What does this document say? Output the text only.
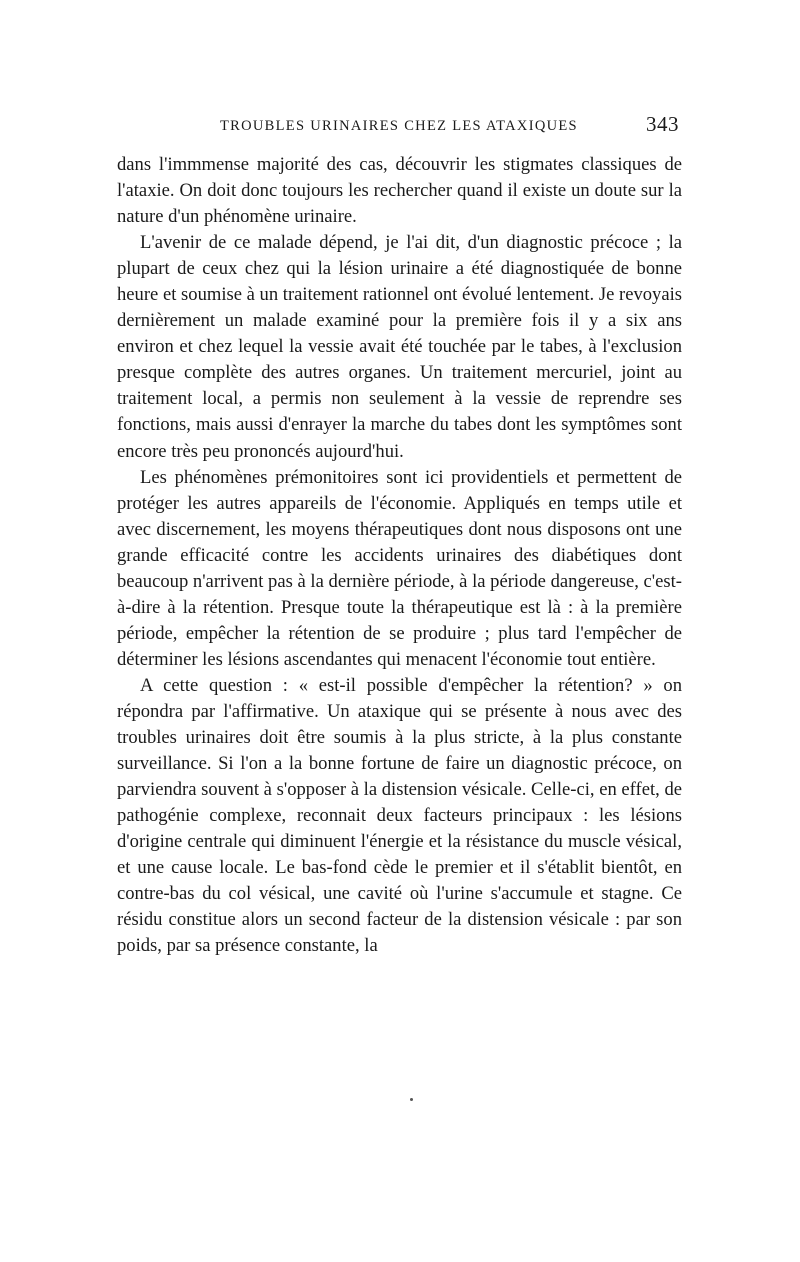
TROUBLES URINAIRES CHEZ LES ATAXIQUES	343

dans l'immmense majorité des cas, découvrir les stigmates classiques de l'ataxie. On doit donc toujours les rechercher quand il existe un doute sur la nature d'un phénomène urinaire.

L'avenir de ce malade dépend, je l'ai dit, d'un diagnostic précoce ; la plupart de ceux chez qui la lésion urinaire a été diagnostiquée de bonne heure et soumise à un traitement rationnel ont évolué lentement. Je revoyais dernièrement un malade examiné pour la première fois il y a six ans environ et chez lequel la vessie avait été touchée par le tabes, à l'exclusion presque complète des autres organes. Un traitement mercuriel, joint au traitement local, a permis non seulement à la vessie de reprendre ses fonctions, mais aussi d'enrayer la marche du tabes dont les symptômes sont encore très peu prononcés aujourd'hui.

Les phénomènes prémonitoires sont ici providentiels et permettent de protéger les autres appareils de l'économie. Appliqués en temps utile et avec discernement, les moyens thérapeutiques dont nous disposons ont une grande efficacité contre les accidents urinaires des diabétiques dont beaucoup n'arrivent pas à la dernière période, à la période dangereuse, c'est-à-dire à la rétention. Presque toute la thérapeutique est là : à la première période, empêcher la rétention de se produire ; plus tard l'empêcher de déterminer les lésions ascendantes qui menacent l'économie tout entière.

A cette question : « est-il possible d'empêcher la rétention? » on répondra par l'affirmative. Un ataxique qui se présente à nous avec des troubles urinaires doit être soumis à la plus stricte, à la plus constante surveillance. Si l'on a la bonne fortune de faire un diagnostic précoce, on parviendra souvent à s'opposer à la distension vésicale. Celle-ci, en effet, de pathogénie complexe, reconnait deux facteurs principaux : les lésions d'origine centrale qui diminuent l'énergie et la résistance du muscle vésical, et une cause locale. Le bas-fond cède le premier et il s'établit bientôt, en contre-bas du col vésical, une cavité où l'urine s'accumule et stagne. Ce résidu constitue alors un second facteur de la distension vésicale : par son poids, par sa présence constante, la
